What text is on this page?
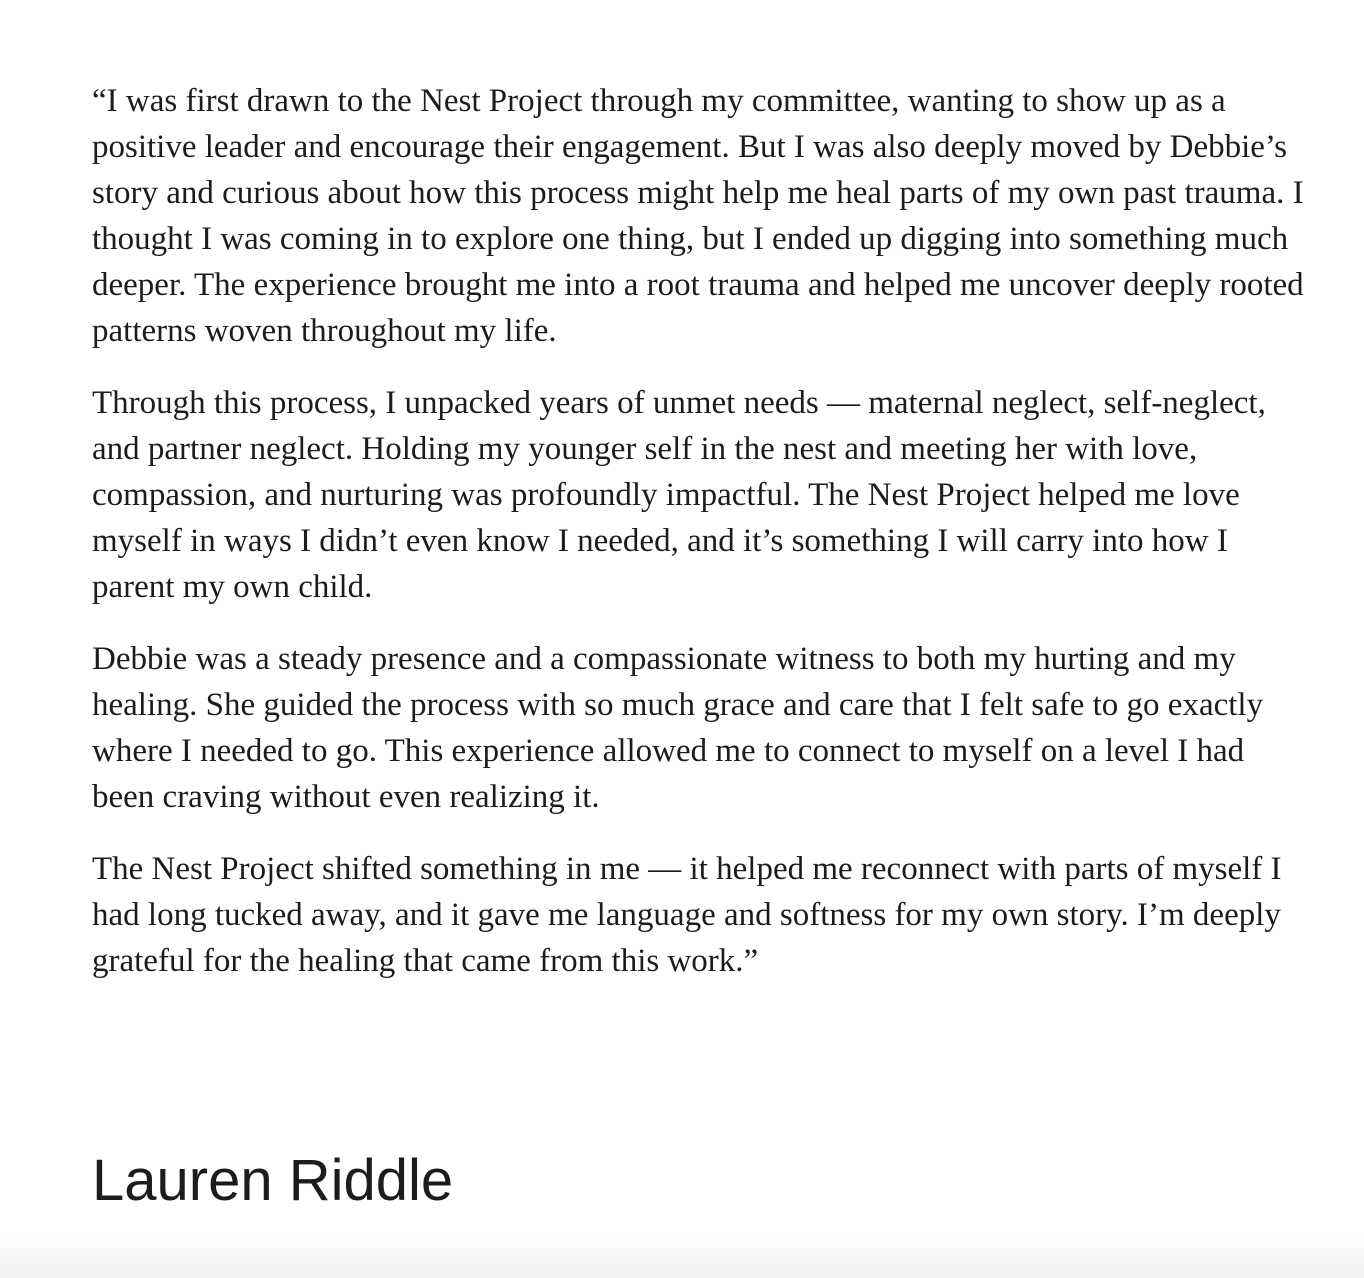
“I was first drawn to the Nest Project through my committee, wanting to show up as a positive leader and encourage their engagement. But I was also deeply moved by Debbie’s story and curious about how this process might help me heal parts of my own past trauma. I thought I was coming in to explore one thing, but I ended up digging into something much deeper. The experience brought me into a root trauma and helped me uncover deeply rooted patterns woven throughout my life.

Through this process, I unpacked years of unmet needs — maternal neglect, self-neglect, and partner neglect. Holding my younger self in the nest and meeting her with love, compassion, and nurturing was profoundly impactful. The Nest Project helped me love myself in ways I didn’t even know I needed, and it’s something I will carry into how I parent my own child.

Debbie was a steady presence and a compassionate witness to both my hurting and my healing. She guided the process with so much grace and care that I felt safe to go exactly where I needed to go. This experience allowed me to connect to myself on a level I had been craving without even realizing it.

The Nest Project shifted something in me — it helped me reconnect with parts of myself I had long tucked away, and it gave me language and softness for my own story. I’m deeply grateful for the healing that came from this work.”

Lauren Riddle
